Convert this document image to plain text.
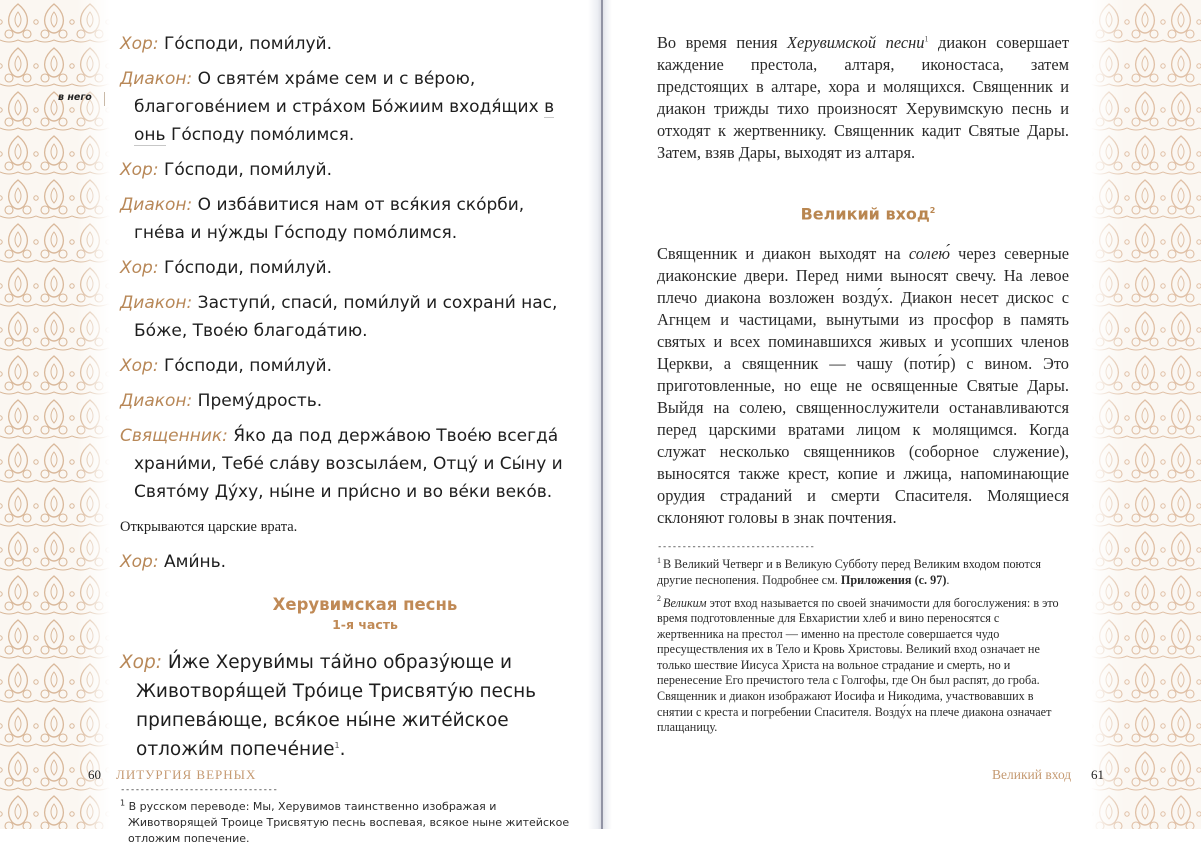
в него

Хор: Го́споди, поми́луй.

Диакон: О святе́м хра́ме сем и с ве́рою, благогове́нием и стра́хом Бо́жиим входя́щих в онь Го́споду помо́лимся.

Хор: Го́споди, поми́луй.

Диакон: О изба́витися нам от вся́кия ско́рби, гне́ва и ну́жды Го́споду помо́лимся.

Хор: Го́споди, поми́луй.

Диакон: Заступи́, спаси́, поми́луй и сохрани́ нас, Бо́же, Твое́ю благода́тию.

Хор: Го́споди, поми́луй.

Диакон: Прему́дрость.

Священник: Я́ко да под держа́вою Твое́ю всегда́ храни́ми, Тебе́ сла́ву возсыла́ем, Отцу́ и Сы́ну и Свято́му Ду́ху, ны́не и при́сно и во ве́ки веко́в.

Открываются царские врата.

Хор: Ами́нь.

Херувимская песнь
1-я часть

Хор: И́же Херуви́мы та́йно образу́юще и Животворя́щей Тро́ице Трисвяту́ю песнь припева́юще, вся́кое ны́не жите́йское отложи́м попече́ние$^1$.

--------------------------------

$^1$ В русском переводе: Мы, Херувимов таинственно изображая и Животворящей Троице Трисвятую песнь воспевая, всякое ныне житейское отложим попечение.

60 ЛИТУРГИЯ ВЕРНЫХ

Во время пения Херувимской песни$^1$ диакон совершает каждение престола, алтаря, иконостаса, затем предстоящих в алтаре, хора и молящихся. Священник и диакон трижды тихо произносят Херувимскую песнь и отходят к жертвеннику. Священник кадит Святые Дары. Затем, взяв Дары, выходят из алтаря.

Великий вход$^2$

Священник и диакон выходят на солею́ через северные диаконские двери. Перед ними выносят свечу. На левое плечо диакона возложен возду́х. Диакон несет дискос с Агнцем и частицами, вынутыми из просфор в память святых и всех поминавшихся живых и усопших членов Церкви, а священник — чашу (поти́р) с вином. Это приготовленные, но еще не освященные Святые Дары. Выйдя на солею, священнослужители останавливаются перед царскими вратами лицом к молящимся. Когда служат несколько священников (соборное служение), выносятся также крест, копие и лжица, напоминающие орудия страданий и смерти Спасителя. Молящиеся склоняют головы в знак почтения.

--------------------------------

$^1$ В Великий Четверг и в Великую Субботу перед Великим входом поются другие песнопения. Подробнее см. Приложения (с. 97).

$^2$ Великим этот вход называется по своей значимости для богослужения: в это время подготовленные для Евхаристии хлеб и вино переносятся с жертвенника на престол — именно на престоле совершается чудо пресуществления их в Тело и Кровь Христовы. Великий вход означает не только шествие Иисуса Христа на вольное страдание и смерть, но и перенесение Его пречистого тела с Голгофы, где Он был распят, до гроба. Священник и диакон изображают Иосифа и Никодима, участвовавших в снятии с креста и погребении Спасителя. Возду́х на плече диакона означает плащаницу.

Великий вход 61
